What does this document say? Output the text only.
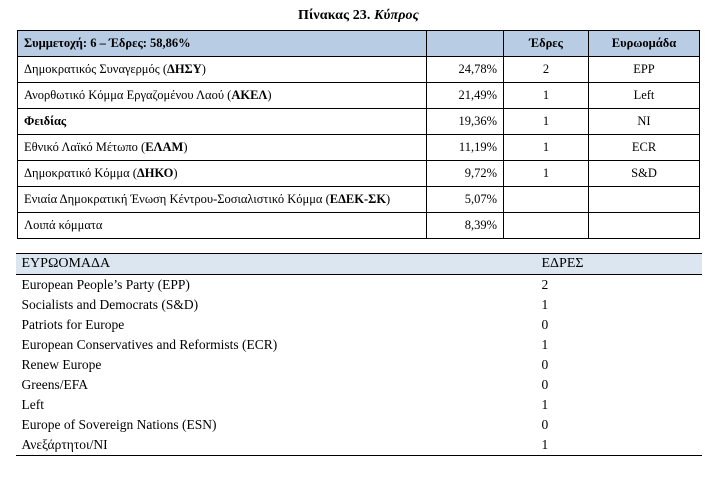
Πίνακας 23. Κύπρος
Συμμετοχή: 6 – Έδρες: 58,86%		Έδρες	Ευρωομάδα
Δημοκρατικός Συναγερμός (ΔΗΣΥ)	24,78%	2	EPP
Ανορθωτικό Κόμμα Εργαζομένου Λαού (ΑΚΕΛ)	21,49%	1	Left
Φειδίας	19,36%	1	NI
Εθνικό Λαϊκό Μέτωπο (ΕΛΑΜ)	11,19%	1	ECR
Δημοκρατικό Κόμμα (ΔΗΚΟ)	9,72%	1	S&D
Ενιαία Δημοκρατική Ένωση Κέντρου-Σοσιαλιστικό Κόμμα (ΕΔΕΚ-ΣΚ)	5,07%		
Λοιπά κόμματα	8,39%		
ΕΥΡΩΟΜΑΔΑ	ΕΔΡΕΣ
European People’s Party (EPP)	2
Socialists and Democrats (S&D)	1
Patriots for Europe	0
European Conservatives and Reformists (ECR)	1
Renew Europe	0
Greens/EFA	0
Left	1
Europe of Sovereign Nations (ESN)	0
Ανεξάρτητοι/NI	1
